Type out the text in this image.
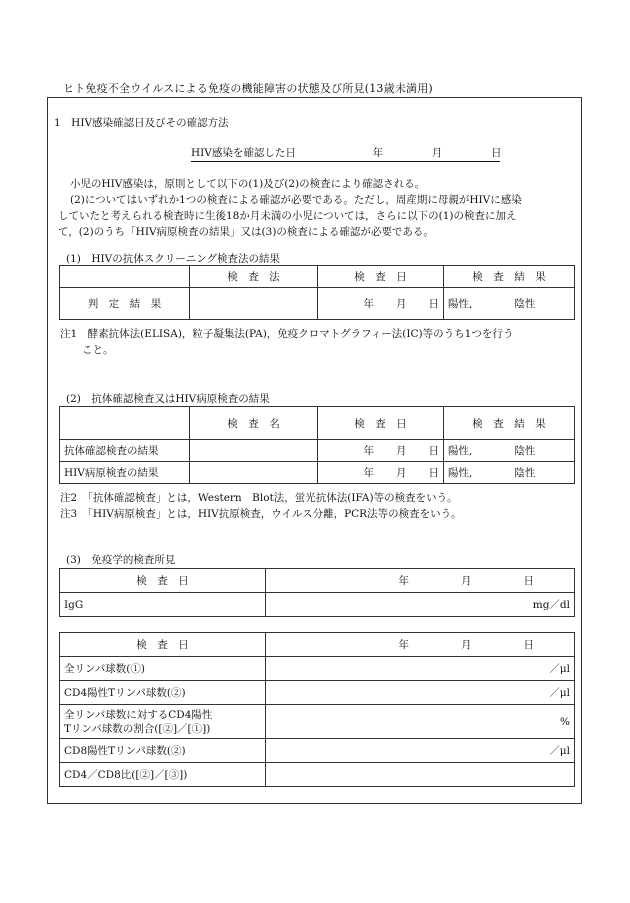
ヒト免疫不全ウイルスによる免疫の機能障害の状態及び所見(13歳未満用)
1　HIV感染確認日及びその確認方法
HIV感染を確認した日	年	月	日
小児のHIV感染は，原則として以下の(1)及び(2)の検査により確認される。
(2)についてはいずれか1つの検査による確認が必要である。ただし，周産期に母親がHIVに感染
していたと考えられる検査時に生後18か月未満の小児については，さらに以下の(1)の検査に加え
て，(2)のうち「HIV病原検査の結果」又は(3)の検査による確認が必要である。
(1)　HIVの抗体スクリーニング検査法の結果
	検　査　法	検　査　日	検　査　結　果
判　定　結　果		年 月 日	陽性, 陰性
注1　酵素抗体法(ELISA)，粒子凝集法(PA)，免疫クロマトグラフィー法(IC)等のうち1つを行う
こと。
(2)　抗体確認検査又はHIV病原検査の結果
	検　査　名	検　査　日	検　査　結　果
抗体確認検査の結果		年 月 日	陽性, 陰性
HIV病原検査の結果		年 月 日	陽性, 陰性
注2　「抗体確認検査」とは，Western　Blot法，蛍光抗体法(IFA)等の検査をいう。
注3　「HIV病原検査」とは，HIV抗原検査，ウイルス分離，PCR法等の検査をいう。
(3)　免疫学的検査所見
検　査　日	年 月 日
IgG	mg／dl
検　査　日	年 月 日
全リンパ球数(①)	／μl
CD4陽性Tリンパ球数(②)	／μl

全リンパ球数に対するCD4陽性
Tリンパ球数の割合([②]／[①])	%
CD8陽性Tリンパ球数(②)	／μl
CD4／CD8比([②]／[③])	
